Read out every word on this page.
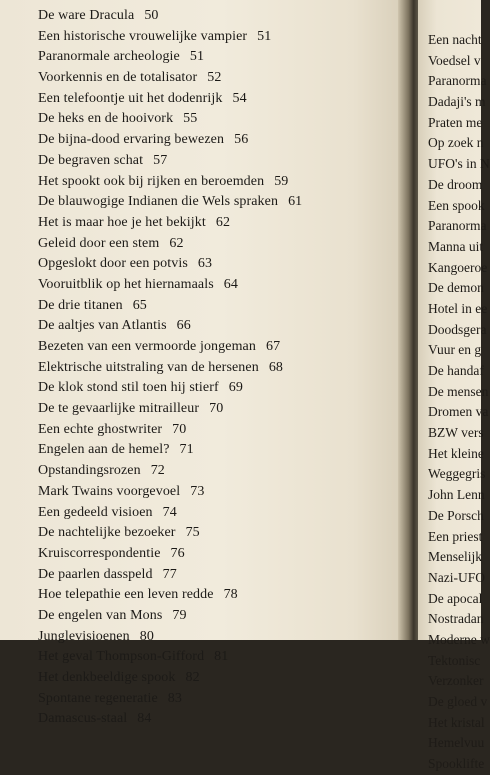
De ware Dracula 50
Een historische vrouwelijke vampier 51
Paranormale archeologie 51
Voorkennis en de totalisator 52
Een telefoontje uit het dodenrijk 54
De heks en de hooivork 55
De bijna-dood ervaring bewezen 56
De begraven schat 57
Het spookt ook bij rijken en beroemden 59
De blauwogige Indianen die Wels spraken 61
Het is maar hoe je het bekijkt 62
Geleid door een stem 62
Opgeslokt door een potvis 63
Vooruitblik op het hiernamaals 64
De drie titanen 65
De aaltjes van Atlantis 66
Bezeten van een vermoorde jongeman 67
Elektrische uitstraling van de hersenen 68
De klok stond stil toen hij stierf 69
De te gevaarlijke mitrailleur 70
Een echte ghostwriter 70
Engelen aan de hemel? 71
Opstandingsrozen 72
Mark Twains voorgevoel 73
Een gedeeld visioen 74
De nachtelijke bezoeker 75
Kruiscorrespondentie 76
De paarlen dasspeld 77
Hoe telepathie een leven redde 78
De engelen van Mons 79
Junglevisioenen 80
Het geval Thompson-Gifford 81
Het denkbeeldige spook 82
Spontane regeneratie 83
Damascus-staal 84
Een nacht
Voedsel v
Paranorma
Dadaji's m
Praten me
Op zoek n
UFO's in N
De droom
Een spook
Paranorma
Manna uit
Kangoeroe
De demon
Hotel in ee
Doodsgera
Vuur en g
De handaf
De mensen
Dromen va
BZW vers
Het kleine
Weggegris
John Lenn
De Porsch
Een priest
Menselijk
Nazi-UFO
De apocal
Nostradan
Moderne w
Tektonisc
Verzonker
De gloed v
Het kristal
Hemelvuu
Spooklifte
